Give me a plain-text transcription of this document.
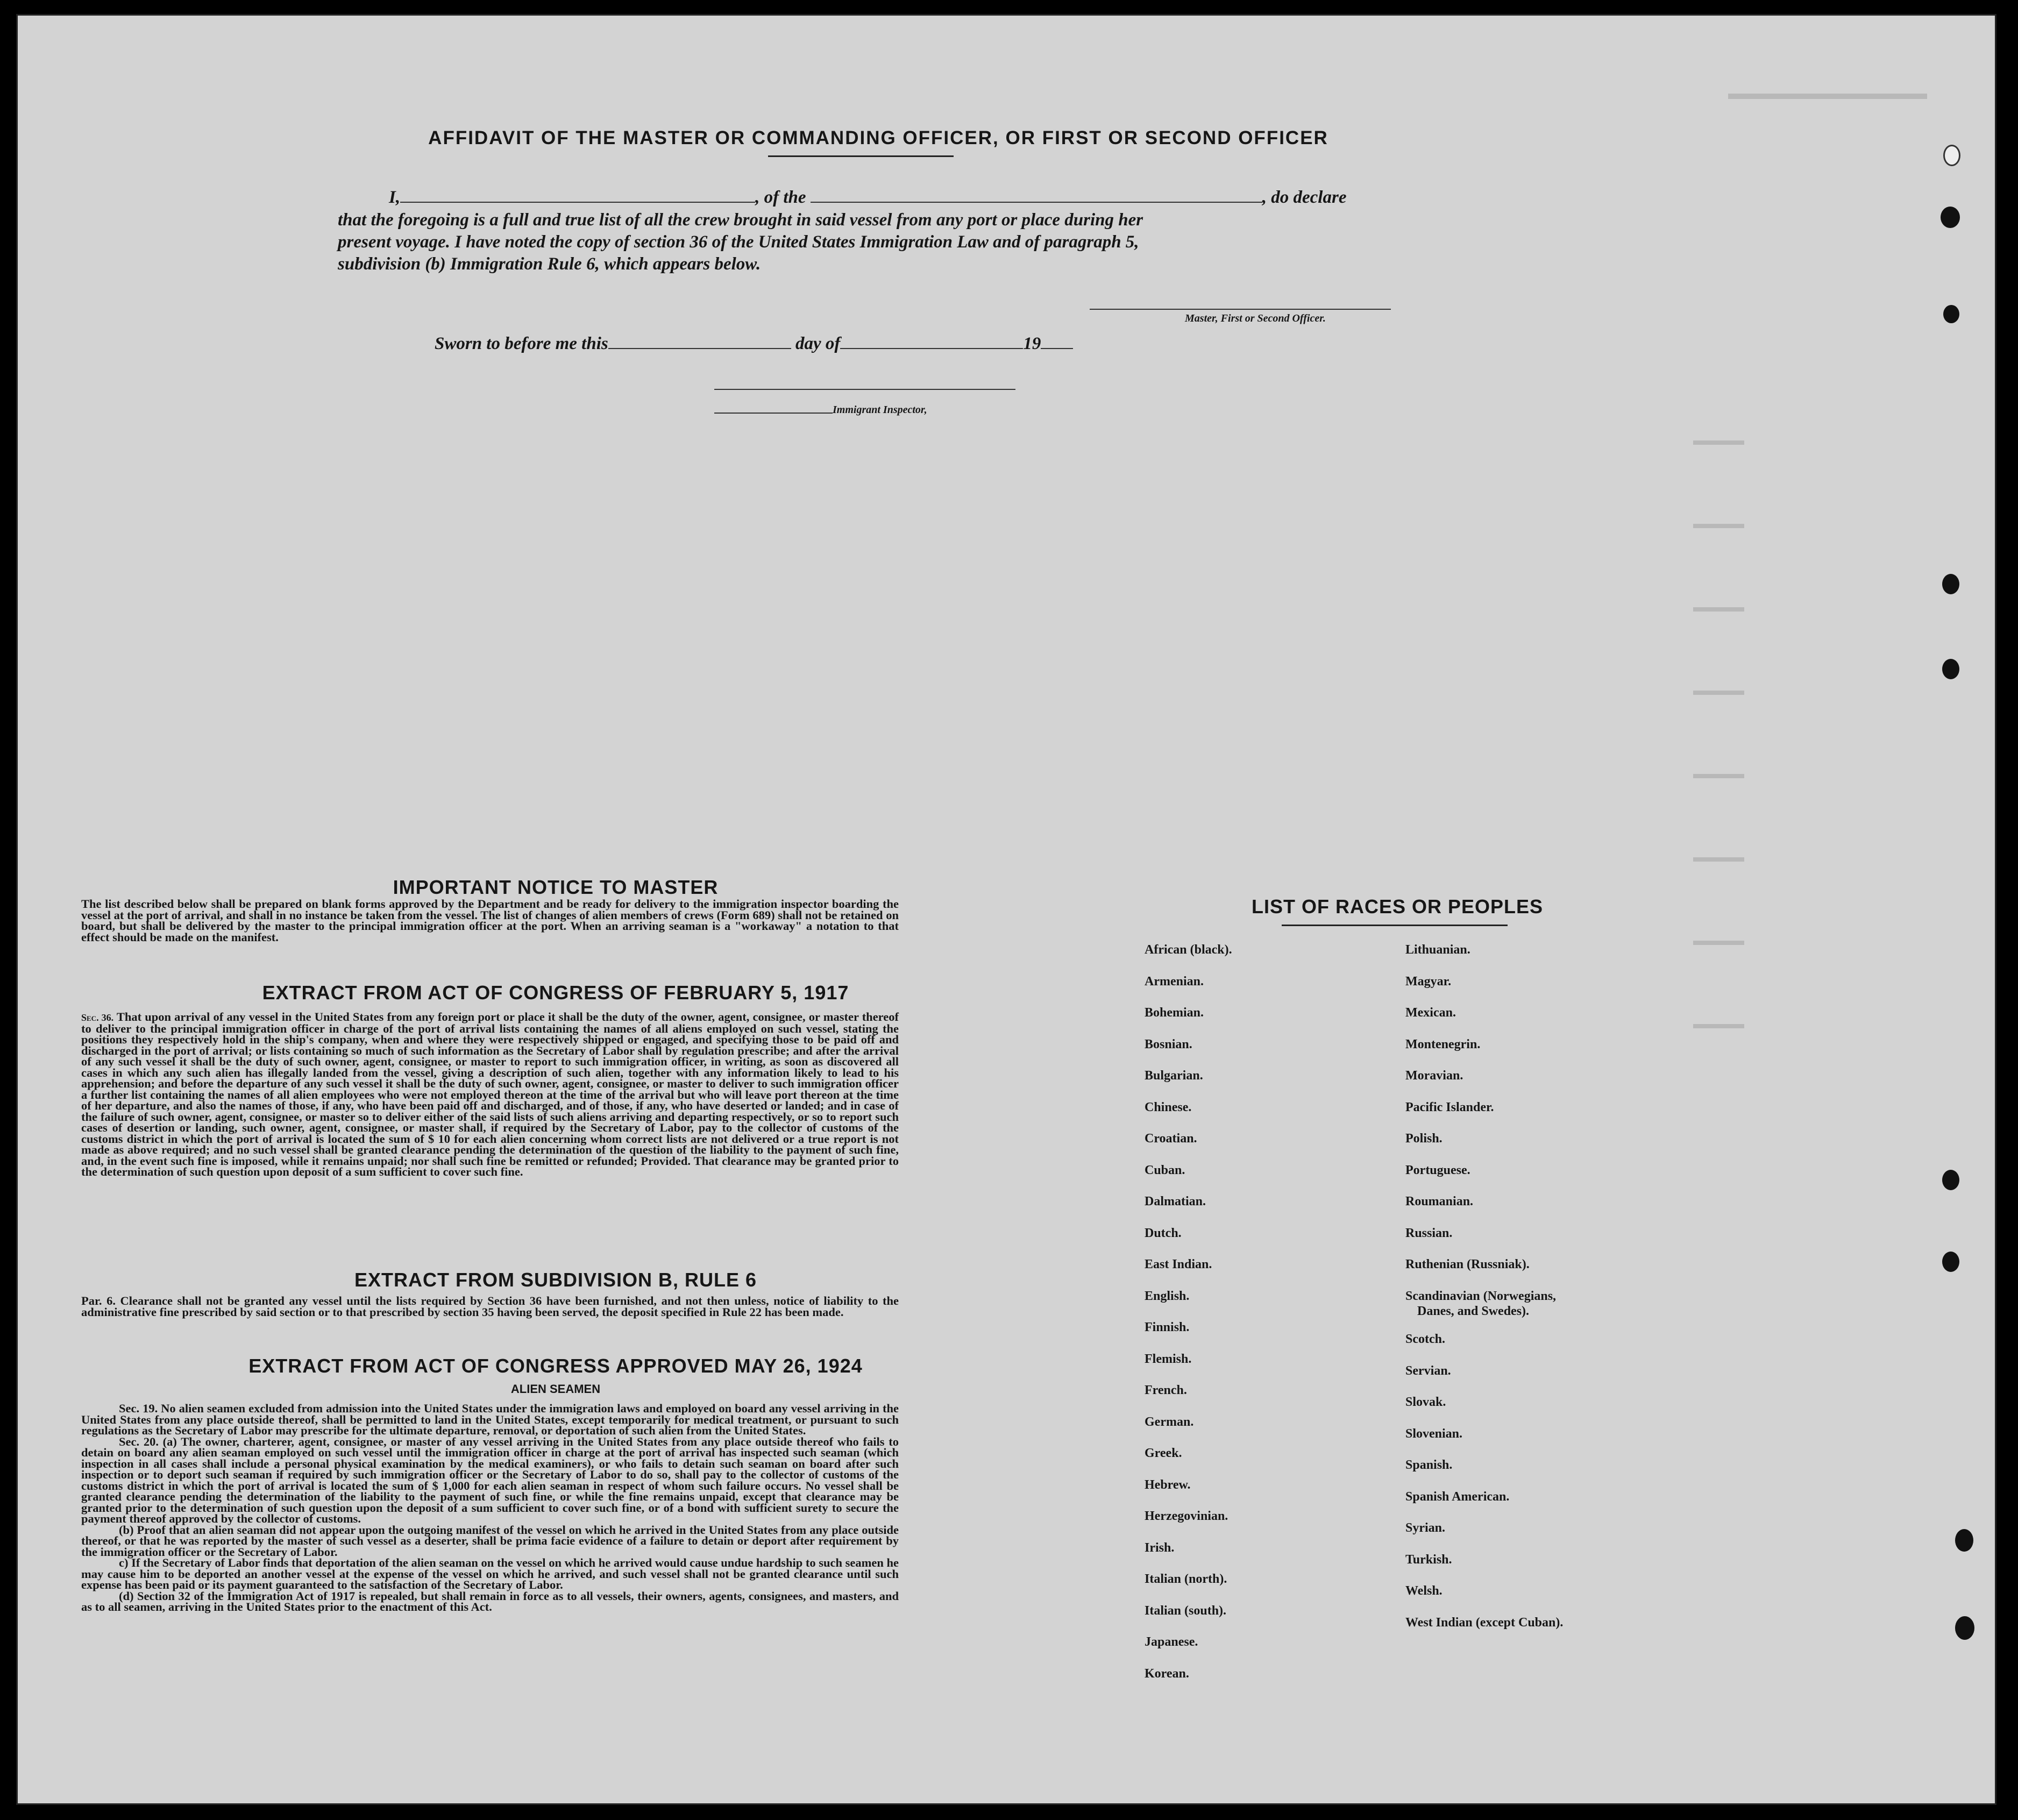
AFFIDAVIT OF THE MASTER OR COMMANDING OFFICER, OR FIRST OR SECOND OFFICER
I,	, of the	, do declare
that the foregoing is a full and true list of all the crew brought in said vessel from any port or place during her
present voyage. I have noted the copy of section 36 of the United States Immigration Law and of paragraph 5,
subdivision (b) Immigration Rule 6, which appears below.
Master, First or Second Officer.
Sworn to before me this	day of	19
Immigrant Inspector,
IMPORTANT NOTICE TO MASTER
The list described below shall be prepared on blank forms approved by the Department and be ready for delivery to the immigration inspector boarding the vessel at the port of arrival, and shall in no instance be taken from the vessel. The list of changes of alien members of crews (Form 689) shall not be retained on board, but shall be delivered by the master to the principal immigration officer at the port. When an arriving seaman is a "workaway" a notation to that effect should be made on the manifest.
EXTRACT FROM ACT OF CONGRESS OF FEBRUARY 5, 1917
Sec. 36. That upon arrival of any vessel in the United States from any foreign port or place it shall be the duty of the owner, agent, consignee, or master thereof to deliver to the principal immigration officer in charge of the port of arrival lists containing the names of all aliens employed on such vessel, stating the positions they respectively hold in the ship's company, when and where they were respectively shipped or engaged, and specifying those to be paid off and discharged in the port of arrival; or lists containing so much of such information as the Secretary of Labor shall by regulation prescribe; and after the arrival of any such vessel it shall be the duty of such owner, agent, consignee, or master to report to such immigration officer, in writing, as soon as discovered all cases in which any such alien has illegally landed from the vessel, giving a description of such alien, together with any information likely to lead to his apprehension; and before the departure of any such vessel it shall be the duty of such owner, agent, consignee, or master to deliver to such immigration officer a further list containing the names of all alien employees who were not employed thereon at the time of the arrival but who will leave port thereon at the time of her departure, and also the names of those, if any, who have been paid off and discharged, and of those, if any, who have deserted or landed; and in case of the failure of such owner, agent, consignee, or master so to deliver either of the said lists of such aliens arriving and departing respectively, or so to report such cases of desertion or landing, such owner, agent, consignee, or master shall, if required by the Secretary of Labor, pay to the collector of customs of the customs district in which the port of arrival is located the sum of $ 10 for each alien concerning whom correct lists are not delivered or a true report is not made as above required; and no such vessel shall be granted clearance pending the determination of the question of the liability to the payment of such fine, and, in the event such fine is imposed, while it remains unpaid; nor shall such fine be remitted or refunded; Provided. That clearance may be granted prior to the determination of such question upon deposit of a sum sufficient to cover such fine.
EXTRACT FROM SUBDIVISION B, RULE 6
Par. 6. Clearance shall not be granted any vessel until the lists required by Section 36 have been furnished, and not then unless, notice of liability to the administrative fine prescribed by said section or to that prescribed by section 35 having been served, the deposit specified in Rule 22 has been made.
EXTRACT FROM ACT OF CONGRESS APPROVED MAY 26, 1924
ALIEN SEAMEN
Sec. 19. No alien seamen excluded from admission into the United States under the immigration laws and employed on board any vessel arriving in the United States from any place outside thereof, shall be permitted to land in the United States, except temporarily for medical treatment, or pursuant to such regulations as the Secretary of Labor may prescribe for the ultimate departure, removal, or deportation of such alien from the United States.
Sec. 20. (a) The owner, charterer, agent, consignee, or master of any vessel arriving in the United States from any place outside thereof who fails to detain on board any alien seaman employed on such vessel until the immigration officer in charge at the port of arrival has inspected such seaman (which inspection in all cases shall include a personal physical examination by the medical examiners), or who fails to detain such seaman on board after such inspection or to deport such seaman if required by such immigration officer or the Secretary of Labor to do so, shall pay to the collector of customs of the customs district in which the port of arrival is located the sum of $ 1,000 for each alien seaman in respect of whom such failure occurs. No vessel shall be granted clearance pending the determination of the liability to the payment of such fine, or while the fine remains unpaid, except that clearance may be granted prior to the determination of such question upon the deposit of a sum sufficient to cover such fine, or of a bond with sufficient surety to secure the payment thereof approved by the collector of customs.
(b) Proof that an alien seaman did not appear upon the outgoing manifest of the vessel on which he arrived in the United States from any place outside thereof, or that he was reported by the master of such vessel as a deserter, shall be prima facie evidence of a failure to detain or deport after requirement by the immigration officer or the Secretary of Labor.
c) If the Secretary of Labor finds that deportation of the alien seaman on the vessel on which he arrived would cause undue hardship to such seamen he may cause him to be deported an another vessel at the expense of the vessel on which he arrived, and such vessel shall not be granted clearance until such expense has been paid or its payment guaranteed to the satisfaction of the Secretary of Labor.
(d) Section 32 of the Immigration Act of 1917 is repealed, but shall remain in force as to all vessels, their owners, agents, consignees, and masters, and as to all seamen, arriving in the United States prior to the enactment of this Act.
LIST OF RACES OR PEOPLES
African (black).
Armenian.
Bohemian.
Bosnian.
Bulgarian.
Chinese.
Croatian.
Cuban.
Dalmatian.
Dutch.
East Indian.
English.
Finnish.
Flemish.
French.
German.
Greek.
Hebrew.
Herzegovinian.
Irish.
Italian (north).
Italian (south).
Japanese.
Korean.
Lithuanian.
Magyar.
Mexican.
Montenegrin.
Moravian.
Pacific Islander.
Polish.
Portuguese.
Roumanian.
Russian.
Ruthenian (Russniak).
Scandinavian (Norwegians,
Danes, and Swedes).
Scotch.
Servian.
Slovak.
Slovenian.
Spanish.
Spanish American.
Syrian.
Turkish.
Welsh.
West Indian (except Cuban).
